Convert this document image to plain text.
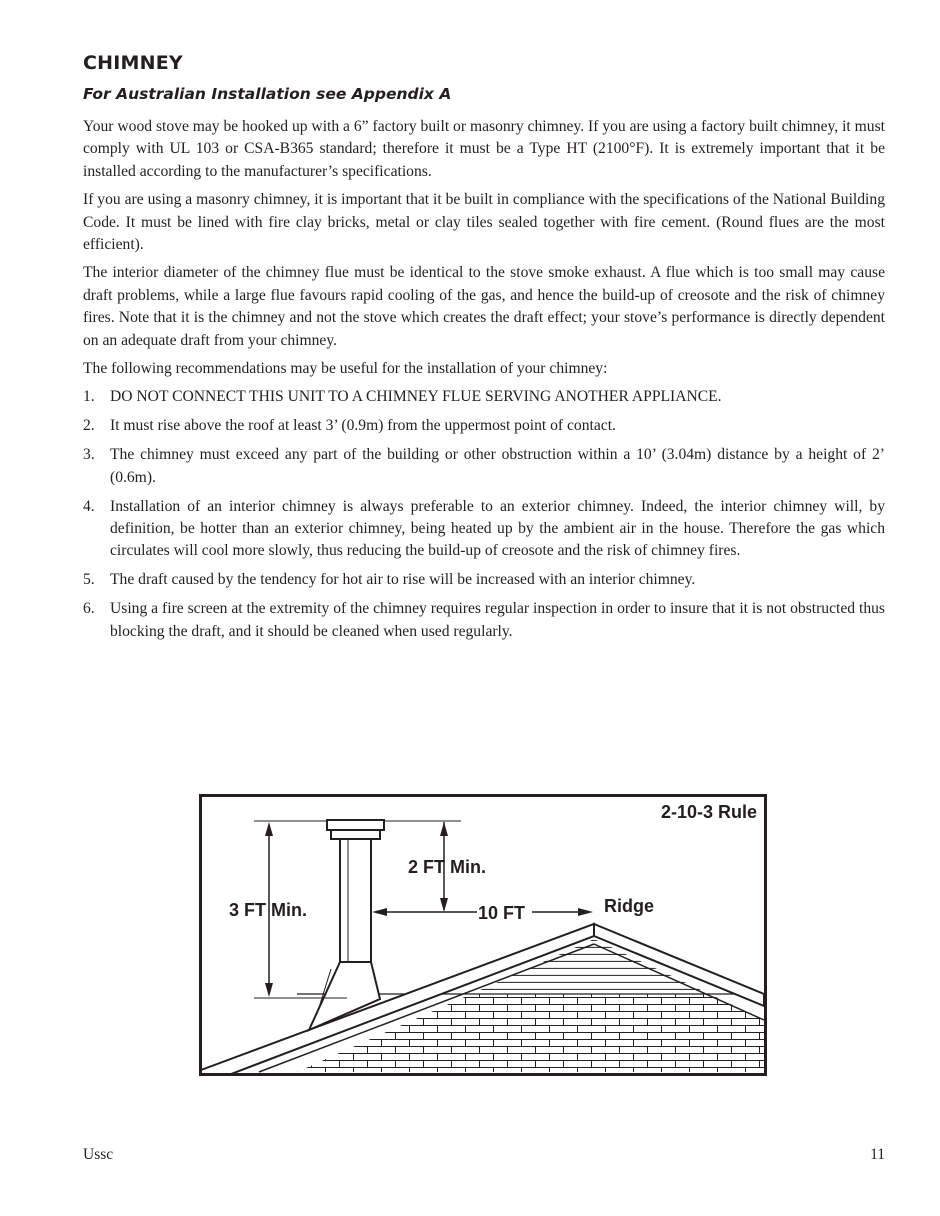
CHIMNEY
For Australian Installation see Appendix A

Your wood stove may be hooked up with a 6” factory built or masonry chimney. If you are using a factory built chimney, it must comply with UL 103 or CSA-B365 standard; therefore it must be a Type HT (2100°F). It is extremely important that it be installed according to the manufacturer’s specifications.

If you are using a masonry chimney, it is important that it be built in compliance with the specifications of the National Building Code. It must be lined with fire clay bricks, metal or clay tiles sealed together with fire cement. (Round flues are the most efficient).

The interior diameter of the chimney flue must be identical to the stove smoke exhaust. A flue which is too small may cause draft problems, while a large flue favours rapid cooling of the gas, and hence the build-up of creosote and the risk of chimney fires. Note that it is the chimney and not the stove which creates the draft effect; your stove’s performance is directly dependent on an adequate draft from your chimney.

The following recommendations may be useful for the installation of your chimney:

1. DO NOT CONNECT THIS UNIT TO A CHIMNEY FLUE SERVING ANOTHER APPLIANCE.
2. It must rise above the roof at least 3’ (0.9m) from the uppermost point of contact.
3. The chimney must exceed any part of the building or other obstruction within a 10’ (3.04m) distance by a height of 2’ (0.6m).
4. Installation of an interior chimney is always preferable to an exterior chimney. Indeed, the interior chimney will, by definition, be hotter than an exterior chimney, being heated up by the ambient air in the house. Therefore the gas which circulates will cool more slowly, thus reducing the build-up of creosote and the risk of chimney fires.
5. The draft caused by the tendency for hot air to rise will be increased with an interior chimney.
6. Using a fire screen at the extremity of the chimney requires regular inspection in order to insure that it is not obstructed thus blocking the draft, and it should be cleaned when used regularly.
2-10-3 Rule
3 FT Min.
2 FT Min.
10 FT	Ridge
Ussc	11
